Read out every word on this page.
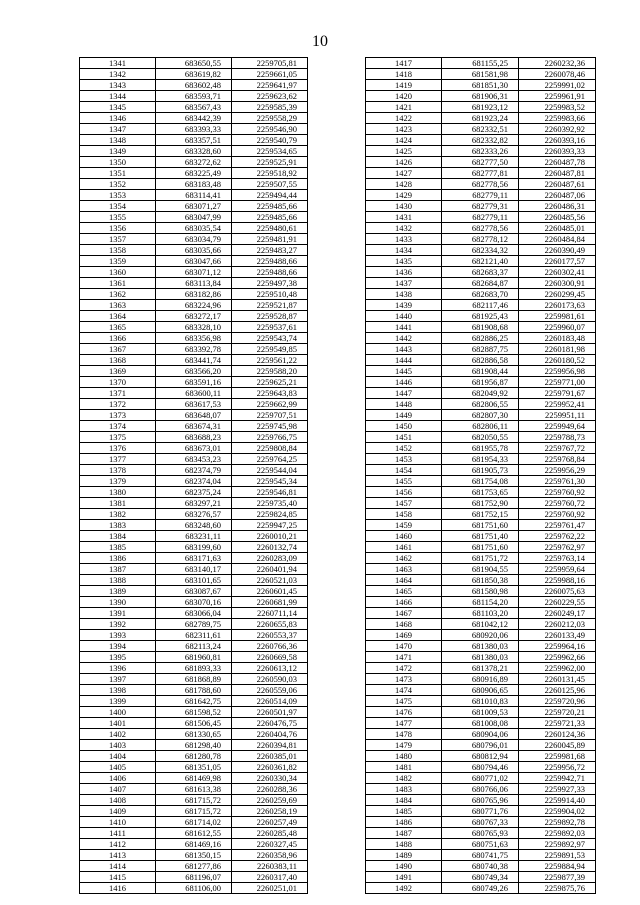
10
1341	683650,55	2259705,81
1342	683619,82	2259661,05
1343	683602,48	2259641,97
1344	683593,71	2259623,62
1345	683567,43	2259585,39
1346	683442,39	2259558,29
1347	683393,33	2259546,90
1348	683357,51	2259540,79
1349	683328,60	2259534,65
1350	683272,62	2259525,91
1351	683225,49	2259518,92
1352	683183,48	2259507,55
1353	683114,41	2259494,44
1354	683071,27	2259485,66
1355	683047,99	2259485,66
1356	683035,54	2259480,61
1357	683034,79	2259481,91
1358	683035,66	2259483,27
1359	683047,66	2259488,66
1360	683071,12	2259488,66
1361	683113,84	2259497,38
1362	683182,86	2259510,48
1363	683224,96	2259521,87
1364	683272,17	2259528,87
1365	683328,10	2259537,61
1366	683356,98	2259543,74
1367	683392,78	2259549,85
1368	683441,74	2259561,22
1369	683566,20	2259588,20
1370	683591,16	2259625,21
1371	683600,11	2259643,83
1372	683617,53	2259662,99
1373	683648,07	2259707,51
1374	683674,31	2259745,98
1375	683688,23	2259766,75
1376	683673,01	2259808,84
1377	683453,23	2259764,25
1378	682374,79	2259544,04
1379	682374,04	2259545,34
1380	682375,24	2259546,81
1381	683297,21	2259735,40
1382	683276,57	2259824,85
1383	683248,60	2259947,25
1384	683231,11	2260010,21
1385	683199,60	2260132,74
1386	683171,63	2260283,09
1387	683140,17	2260401,94
1388	683101,65	2260521,03
1389	683087,67	2260601,45
1390	683070,16	2260681,99
1391	683066,04	2260711,14
1392	682789,75	2260655,83
1393	682311,61	2260553,37
1394	682113,24	2260766,36
1395	681960,81	2260669,58
1396	681893,33	2260613,12
1397	681868,89	2260590,03
1398	681788,60	2260559,06
1399	681642,75	2260514,09
1400	681598,52	2260501,97
1401	681506,45	2260476,75
1402	681330,65	2260404,76
1403	681298,40	2260394,81
1404	681280,78	2260385,01
1405	681351,05	2260361,82
1406	681469,98	2260330,34
1407	681613,38	2260288,36
1408	681715,72	2260259,69
1409	681715,72	2260258,19
1410	681714,02	2260257,49
1411	681612,55	2260285,48
1412	681469,16	2260327,45
1413	681350,15	2260358,96
1414	681277,86	2260383,11
1415	681196,07	2260317,40
1416	681106,00	2260251,01
1417	681155,25	2260232,36
1418	681581,98	2260078,46
1419	681851,30	2259991,02
1420	681906,31	2259961,91
1421	681923,12	2259983,52
1422	681923,24	2259983,66
1423	682332,51	2260392,92
1424	682332,82	2260393,16
1425	682333,26	2260393,33
1426	682777,50	2260487,78
1427	682777,81	2260487,81
1428	682778,56	2260487,61
1429	682779,11	2260487,06
1430	682779,31	2260486,31
1431	682779,11	2260485,56
1432	682778,56	2260485,01
1433	682778,12	2260484,84
1434	682334,32	2260390,49
1435	682121,40	2260177,57
1436	682683,37	2260302,41
1437	682684,87	2260300,91
1438	682683,70	2260299,45
1439	682117,46	2260173,63
1440	681925,43	2259981,61
1441	681908,68	2259960,07
1442	682886,25	2260183,48
1443	682887,75	2260181,98
1444	682886,58	2260180,52
1445	681908,44	2259956,98
1446	681956,87	2259771,00
1447	682049,92	2259791,67
1448	682806,55	2259952,41
1449	682807,30	2259951,11
1450	682806,11	2259949,64
1451	682050,55	2259788,73
1452	681955,78	2259767,72
1453	681954,33	2259768,84
1454	681905,73	2259956,29
1455	681754,08	2259761,30
1456	681753,65	2259760,92
1457	681752,90	2259760,72
1458	681752,15	2259760,92
1459	681751,60	2259761,47
1460	681751,40	2259762,22
1461	681751,60	2259762,97
1462	681751,72	2259763,14
1463	681904,55	2259959,64
1464	681850,38	2259988,16
1465	681580,98	2260075,63
1466	681154,20	2260229,55
1467	681103,20	2260249,17
1468	681042,12	2260212,03
1469	680920,06	2260133,49
1470	681380,03	2259964,16
1471	681380,03	2259962,66
1472	681378,21	2259962,00
1473	680916,89	2260131,45
1474	680906,65	2260125,96
1475	681010,83	2259720,96
1476	681009,53	2259720,21
1477	681008,08	2259721,33
1478	680904,06	2260124,36
1479	680796,01	2260045,89
1480	680812,94	2259981,68
1481	680794,46	2259956,72
1482	680771,02	2259942,71
1483	680766,06	2259927,33
1484	680765,96	2259914,40
1485	680771,76	2259904,02
1486	680767,33	2259892,78
1487	680765,93	2259892,03
1488	680751,63	2259892,97
1489	680741,75	2259891,53
1490	680740,38	2259884,94
1491	680749,34	2259877,39
1492	680749,26	2259875,76
